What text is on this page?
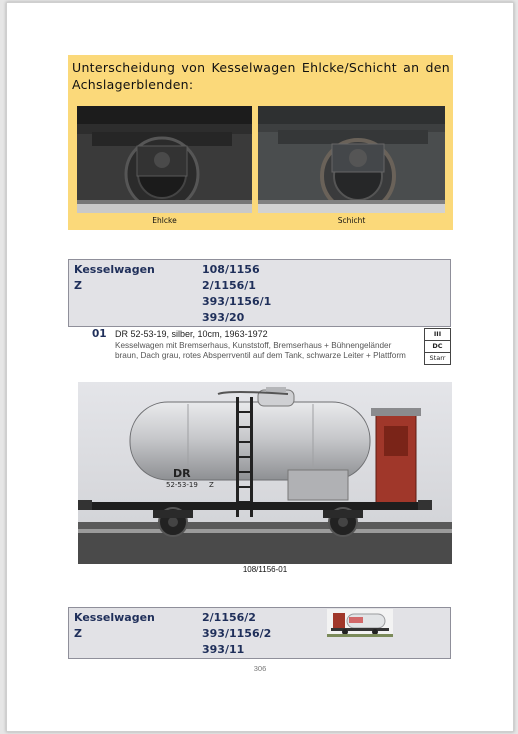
Unterscheidung von Kesselwagen Ehlcke/Schicht an den Achslagerblenden:
Ehlcke	Schicht
Kesselwagen
Z
108/1156
2/1156/1
393/1156/1
393/20
01 DR 52-53-19, silber, 10cm, 1963-1972
Kesselwagen mit Bremserhaus, Kunststoff, Bremserhaus + Bühnengeländer braun, Dach grau, rotes Absperrventil auf dem Tank, schwarze Leiter + Plattform
III
DC
Starr
DR
52-53-19 Z
108/1156-01
Kesselwagen
Z
2/1156/2
393/1156/2
393/11
306
